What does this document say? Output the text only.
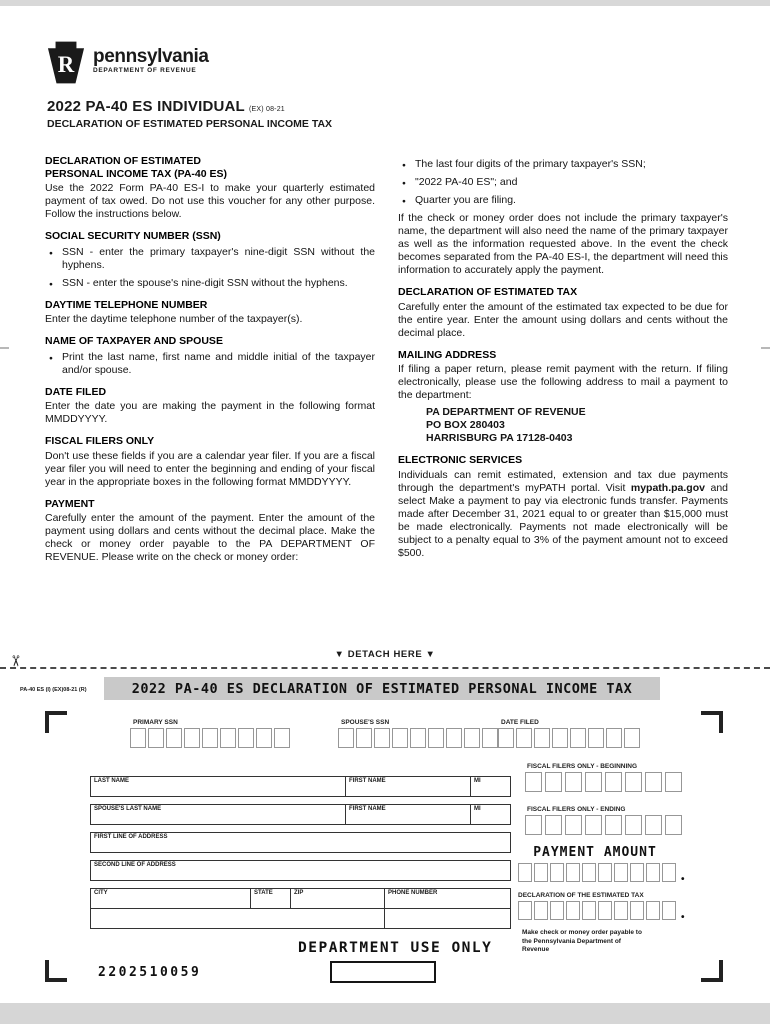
R pennsylvania
DEPARTMENT OF REVENUE
2022 PA-40 ES INDIVIDUAL (EX) 08-21
DECLARATION OF ESTIMATED PERSONAL INCOME TAX
DECLARATION OF ESTIMATED
PERSONAL INCOME TAX (PA-40 ES)

Use the 2022 Form PA-40 ES-I to make your quarterly estimated payment of tax owed. Do not use this voucher for any other purpose. Follow the instructions below.

SOCIAL SECURITY NUMBER (SSN)
● SSN - enter the primary taxpayer's nine-digit SSN without the hyphens.
● SSN - enter the spouse's nine-digit SSN without the hyphens.
DAYTIME TELEPHONE NUMBER

Enter the daytime telephone number of the taxpayer(s).

NAME OF TAXPAYER AND SPOUSE
● Print the last name, first name and middle initial of the taxpayer and/or spouse.
DATE FILED

Enter the date you are making the payment in the following format MMDDYYYY.

FISCAL FILERS ONLY

Don't use these fields if you are a calendar year filer. If you are a fiscal year filer you will need to enter the beginning and ending of your fiscal year in the appropriate boxes in the following format MMDDYYYY.

PAYMENT

Carefully enter the amount of the payment. Enter the amount of the payment using dollars and cents without the decimal place. Make the check or money order payable to the PA DEPARTMENT OF REVENUE. Please write on the check or money order:

● The last four digits of the primary taxpayer's SSN;
● "2022 PA-40 ES"; and
● Quarter you are filing.

If the check or money order does not include the primary taxpayer's name, the department will also need the name of the primary taxpayer as well as the information requested above. In the event the check becomes separated from the PA-40 ES-I, the department will need this information to accurately apply the payment.

DECLARATION OF ESTIMATED TAX

Carefully enter the amount of the estimated tax expected to be due for the entire year. Enter the amount using dollars and cents without the decimal place.

MAILING ADDRESS

If filing a paper return, please remit payment with the return. If filing electronically, please use the following address to mail a payment to the department:

PA DEPARTMENT OF REVENUE
PO BOX 280403
HARRISBURG PA 17128-0403
ELECTRONIC SERVICES

Individuals can remit estimated, extension and tax due payments through the department's myPATH portal. Visit mypath.pa.gov and select Make a payment to pay via electronic funds transfer. Payments made after December 31, 2021 equal to or greater than $15,000 must be made electronically. Payments not made electronically will be subject to a penalty equal to 3% of the payment amount not to exceed $500.

▼ DETACH HERE ▼
✂
PA-40 ES (I) (EX)08-21 (R)	2022 PA-40 ES DECLARATION OF ESTIMATED PERSONAL INCOME TAX
PRIMARY SSN	SPOUSE'S SSN	DATE FILED
LAST NAME	FIRST NAME	MI
SPOUSE'S LAST NAME	FIRST NAME	MI
FIRST LINE OF ADDRESS
SECOND LINE OF ADDRESS
CITY	STATE	ZIP	PHONE NUMBER
FISCAL FILERS ONLY - BEGINNING
FISCAL FILERS ONLY - ENDING
PAYMENT AMOUNT
•
DECLARATION OF THE ESTIMATED TAX
•
Make check or money order payable to the Pennsylvania Department of Revenue
DEPARTMENT USE ONLY
2202510059
